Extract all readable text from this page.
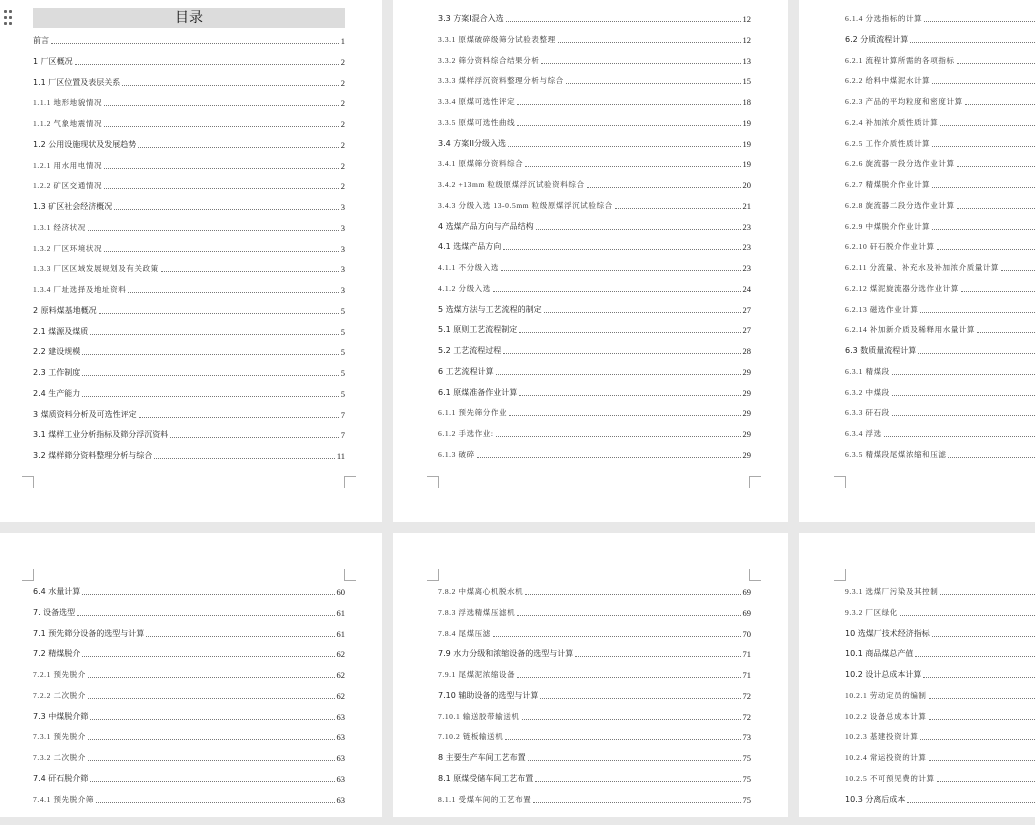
目录
前言	1
1 厂区概况	2
1.1 厂区位置及表层关系	2
1.1.1 地形地貌情况	2
1.1.2 气象地震情况	2
1.2 公用设施现状及发展趋势	2
1.2.1 用水用电情况	2
1.2.2 矿区交通情况	2
1.3 矿区社会经济概况	3
1.3.1 经济状况	3
1.3.2 厂区环境状况	3
1.3.3 厂区区域发展规划及有关政策	3
1.3.4 厂址选择及地址资料	3
2 原料煤基地概况	5
2.1 煤源及煤质	5
2.2 建设规模	5
2.3 工作制度	5
2.4 生产能力	5
3 煤质资料分析及可选性评定	7
3.1 煤样工业分析指标及筛分浮沉资料	7
3.2 煤样筛分资料整理分析与综合	11
3.3 方案I混合入选	12
3.3.1 原煤破碎级筛分试验表整理	12
3.3.2 筛分资料综合结果分析	13
3.3.3 煤样浮沉资料整理分析与综合	15
3.3.4 原煤可选性评定	18
3.3.5 原煤可选性曲线	19
3.4 方案II分级入选	19
3.4.1 原煤筛分资料综合	19
3.4.2 +13mm 粒级原煤浮沉试验资料综合	20
3.4.3 分级入选 13-0.5mm 粒级原煤浮沉试验综合	21
4 选煤产品方向与产品结构	23
4.1 选煤产品方向	23
4.1.1 不分级入选	23
4.1.2 分级入选	24
5 选煤方法与工艺流程的制定	27
5.1 原则工艺流程制定	27
5.2 工艺流程过程	28
6 工艺流程计算	29
6.1 原煤准备作业计算	29
6.1.1 预先筛分作业	29
6.1.2 手选作业:	29
6.1.3 破碎	29
6.1.4 分选指标的计算
6.2 分质流程计算
6.2.1 流程计算所需的各项指标
6.2.2 给料中煤泥水计算
6.2.3 产品的平均粒度和密度计算
6.2.4 补加浓介质性质计算
6.2.5 工作介质性质计算
6.2.6 旋流器一段分选作业计算
6.2.7 精煤脱介作业计算
6.2.8 旋流器二段分选作业计算
6.2.9 中煤脱介作业计算
6.2.10 矸石脱介作业计算
6.2.11 分流量、补充水及补加浓介质量计算
6.2.12 煤泥旋流器分选作业计算
6.2.13 磁选作业计算
6.2.14 补加新介质及稀释用水量计算
6.3 数质量流程计算
6.3.1 精煤段
6.3.2 中煤段
6.3.3 矸石段
6.3.4 浮选
6.3.5 精煤段尾煤浓缩和压滤
6.4 水量计算	60
7. 设备选型	61
7.1 预先筛分设备的选型与计算	61
7.2 精煤脱介	62
7.2.1 预先脱介	62
7.2.2 二次脱介	62
7.3 中煤脱介筛	63
7.3.1 预先脱介	63
7.3.2 二次脱介	63
7.4 矸石脱介筛	63
7.4.1 预先脱介筛	63
7.8.2 中煤离心机脱水机	69
7.8.3 浮选精煤压滤机	69
7.8.4 尾煤压滤	70
7.9 水力分级和浓缩设备的选型与计算	71
7.9.1 尾煤泥浓缩设备	71
7.10 辅助设备的选型与计算	72
7.10.1 输送胶带输送机	72
7.10.2 链板输送机	73
8 主要生产车间工艺布置	75
8.1 原煤受储车间工艺布置	75
8.1.1 受煤车间的工艺布置	75
9.3.1 选煤厂污染及其控制
9.3.2 厂区绿化
10 选煤厂技术经济指标
10.1 商品煤总产值
10.2 设计总成本计算
10.2.1 劳动定员的编制
10.2.2 设备总成本计算
10.2.3 基建投资计算
10.2.4 常运投资的计算
10.2.5 不可预见费的计算
10.3 分离后成本
